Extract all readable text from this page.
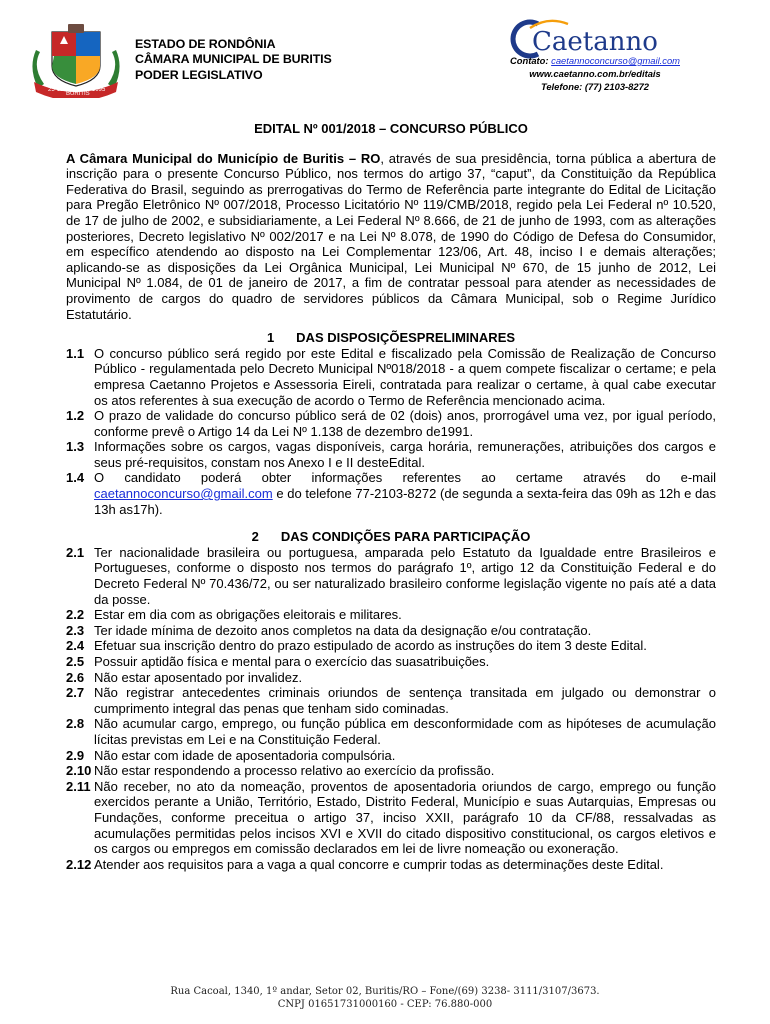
25·12
BURITIS
1995
ESTADO DE RONDÔNIA
CÂMARA MUNICIPAL DE BURITIS
PODER LEGISLATIVO
Caetanno
Contato: caetannoconcurso@gmail.com
www.caetanno.com.br/editais
Telefone: (77) 2103-8272
EDITAL Nº 001/2018 – CONCURSO PÚBLICO

A Câmara Municipal do Município de Buritis – RO, através de sua presidência, torna pública a abertura de inscrição para o presente Concurso Público, nos termos do artigo 37, “caput”, da Constituição da República Federativa do Brasil, seguindo as prerrogativas do Termo de Referência parte integrante do Edital de Licitação para Pregão Eletrônico Nº 007/2018, Processo Licitatório Nº 119/CMB/2018, regido pela Lei Federal nº 10.520, de 17 de julho de 2002, e subsidiariamente, a Lei Federal Nº 8.666, de 21 de junho de 1993, com as alterações posteriores, Decreto legislativo Nº 002/2017 e na Lei Nº 8.078, de 1990 do Código de Defesa do Consumidor, em específico atendendo ao disposto na Lei Complementar 123/06, Art. 48, inciso I e demais alterações; aplicando-se as disposições da Lei Orgânica Municipal, Lei Municipal Nº 670, de 15 junho de 2012, Lei Municipal Nº 1.084, de 01 de janeiro de 2017, a fim de contratar pessoal para atender as necessidades de provimento de cargos do quadro de servidores públicos da Câmara Municipal, sob o Regime Jurídico Estatutário.

1 DAS DISPOSIÇÕESPRELIMINARES
1.1 O concurso público será regido por este Edital e fiscalizado pela Comissão de Realização de Concurso Público - regulamentada pelo Decreto Municipal Nº018/2018 - a quem compete fiscalizar o certame; e pela empresa Caetanno Projetos e Assessoria Eireli, contratada para realizar o certame, à qual cabe executar os atos referentes à sua execução de acordo o Termo de Referência mencionado acima.
1.2 O prazo de validade do concurso público será de 02 (dois) anos, prorrogável uma vez, por igual período, conforme prevê o Artigo 14 da Lei Nº 1.138 de dezembro de1991.
1.3 Informações sobre os cargos, vagas disponíveis, carga horária, remunerações, atribuições dos cargos e seus pré-requisitos, constam nos Anexo I e II desteEdital.
1.4 O candidato poderá obter informações referentes ao certame através do e-mail caetannoconcurso@gmail.com e do telefone 77-2103-8272 (de segunda a sexta-feira das 09h as 12h e das 13h as17h).
2 DAS CONDIÇÕES PARA PARTICIPAÇÃO
2.1 Ter nacionalidade brasileira ou portuguesa, amparada pelo Estatuto da Igualdade entre Brasileiros e Portugueses, conforme o disposto nos termos do parágrafo 1º, artigo 12 da Constituição Federal e do Decreto Federal Nº 70.436/72, ou ser naturalizado brasileiro conforme legislação vigente no país até a data da posse.
2.2 Estar em dia com as obrigações eleitorais e militares.
2.3 Ter idade mínima de dezoito anos completos na data da designação e/ou contratação.
2.4 Efetuar sua inscrição dentro do prazo estipulado de acordo as instruções do item 3 deste Edital.
2.5 Possuir aptidão física e mental para o exercício das suasatribuições.
2.6 Não estar aposentado por invalidez.
2.7 Não registrar antecedentes criminais oriundos de sentença transitada em julgado ou demonstrar o cumprimento integral das penas que tenham sido cominadas.
2.8 Não acumular cargo, emprego, ou função pública em desconformidade com as hipóteses de acumulação lícitas previstas em Lei e na Constituição Federal.
2.9 Não estar com idade de aposentadoria compulsória.
2.10 Não estar respondendo a processo relativo ao exercício da profissão.
2.11 Não receber, no ato da nomeação, proventos de aposentadoria oriundos de cargo, emprego ou função exercidos perante a União, Território, Estado, Distrito Federal, Município e suas Autarquias, Empresas ou Fundações, conforme preceitua o artigo 37, inciso XXII, parágrafo 10 da CF/88, ressalvadas as acumulações permitidas pelos incisos XVI e XVII do citado dispositivo constitucional, os cargos eletivos e os cargos ou empregos em comissão declarados em lei de livre nomeação ou exoneração.
2.12 Atender aos requisitos para a vaga a qual concorre e cumprir todas as determinações deste Edital.
Rua Cacoal, 1340, 1º andar, Setor 02, Buritis/RO – Fone/(69) 3238- 3111/3107/3673.
CNPJ 01651731000160 - CEP: 76.880-000
